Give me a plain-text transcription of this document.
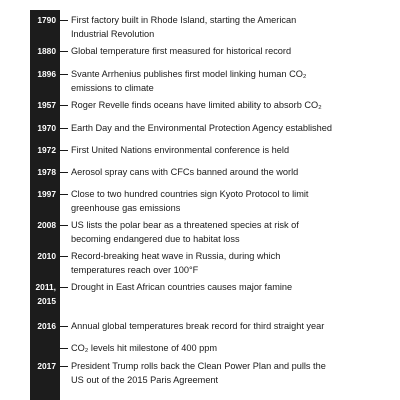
1790 First factory built in Rhode Island, starting the American
Industrial Revolution
1880 Global temperature first measured for historical record
1896 Svante Arrhenius publishes first model linking human CO₂
emissions to climate
1957 Roger Revelle finds oceans have limited ability to absorb CO₂
1970 Earth Day and the Environmental Protection Agency established
1972 First United Nations environmental conference is held
1978 Aerosol spray cans with CFCs banned around the world
1997 Close to two hundred countries sign Kyoto Protocol to limit
greenhouse gas emissions
2008 US lists the polar bear as a threatened species at risk of
becoming endangered due to habitat loss
2010 Record-breaking heat wave in Russia, during which
temperatures reach over 100°F
2011,
2015
Drought in East African countries causes major famine
2016 Annual global temperatures break record for third straight year
CO₂ levels hit milestone of 400 ppm
2017 President Trump rolls back the Clean Power Plan and pulls the
US out of the 2015 Paris Agreement
